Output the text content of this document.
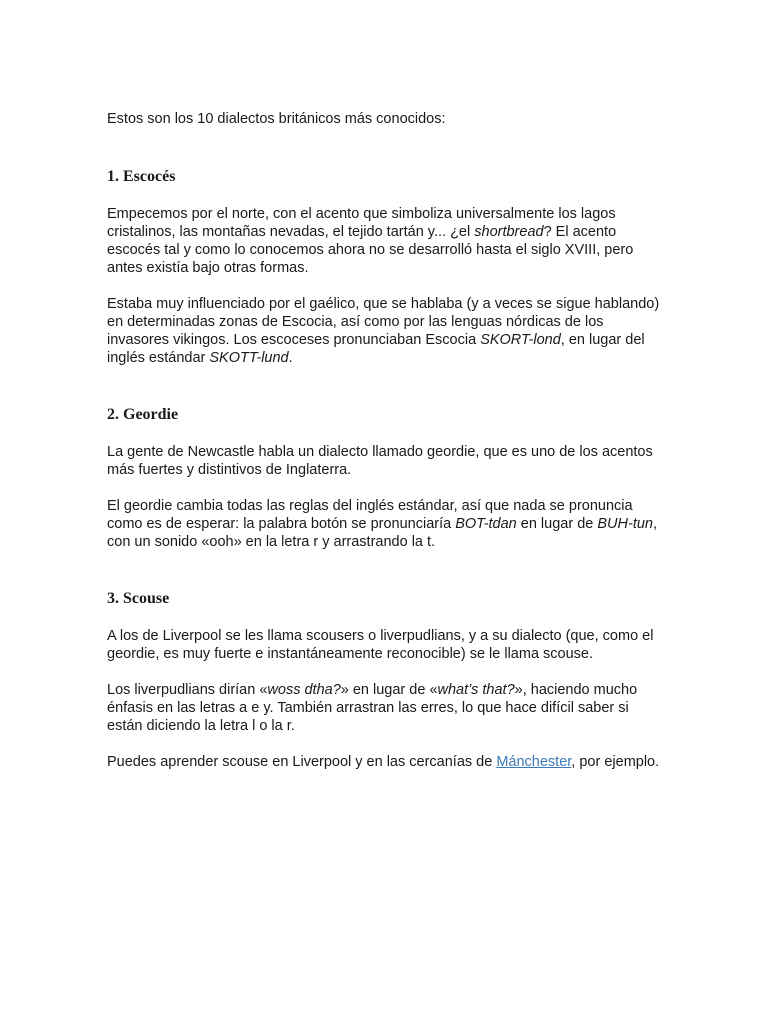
Estos son los 10 dialectos británicos más conocidos:

1. Escocés

Empecemos por el norte, con el acento que simboliza universalmente los lagos cristalinos, las montañas nevadas, el tejido tartán y... ¿el shortbread? El acento escocés tal y como lo conocemos ahora no se desarrolló hasta el siglo XVIII, pero antes existía bajo otras formas.

Estaba muy influenciado por el gaélico, que se hablaba (y a veces se sigue hablando) en determinadas zonas de Escocia, así como por las lenguas nórdicas de los invasores vikingos. Los escoceses pronunciaban Escocia SKORT-lond, en lugar del inglés estándar SKOTT-lund.

2. Geordie

La gente de Newcastle habla un dialecto llamado geordie, que es uno de los acentos más fuertes y distintivos de Inglaterra.

El geordie cambia todas las reglas del inglés estándar, así que nada se pronuncia como es de esperar: la palabra botón se pronunciaría BOT-tdan en lugar de BUH-tun, con un sonido «ooh» en la letra r y arrastrando la t.

3. Scouse

A los de Liverpool se les llama scousers o liverpudlians, y a su dialecto (que, como el geordie, es muy fuerte e instantáneamente reconocible) se le llama scouse.

Los liverpudlians dirían «woss dtha?» en lugar de «what’s that?», haciendo mucho énfasis en las letras a e y. También arrastran las erres, lo que hace difícil saber si están diciendo la letra l o la r.

Puedes aprender scouse en Liverpool y en las cercanías de Mánchester, por ejemplo.
